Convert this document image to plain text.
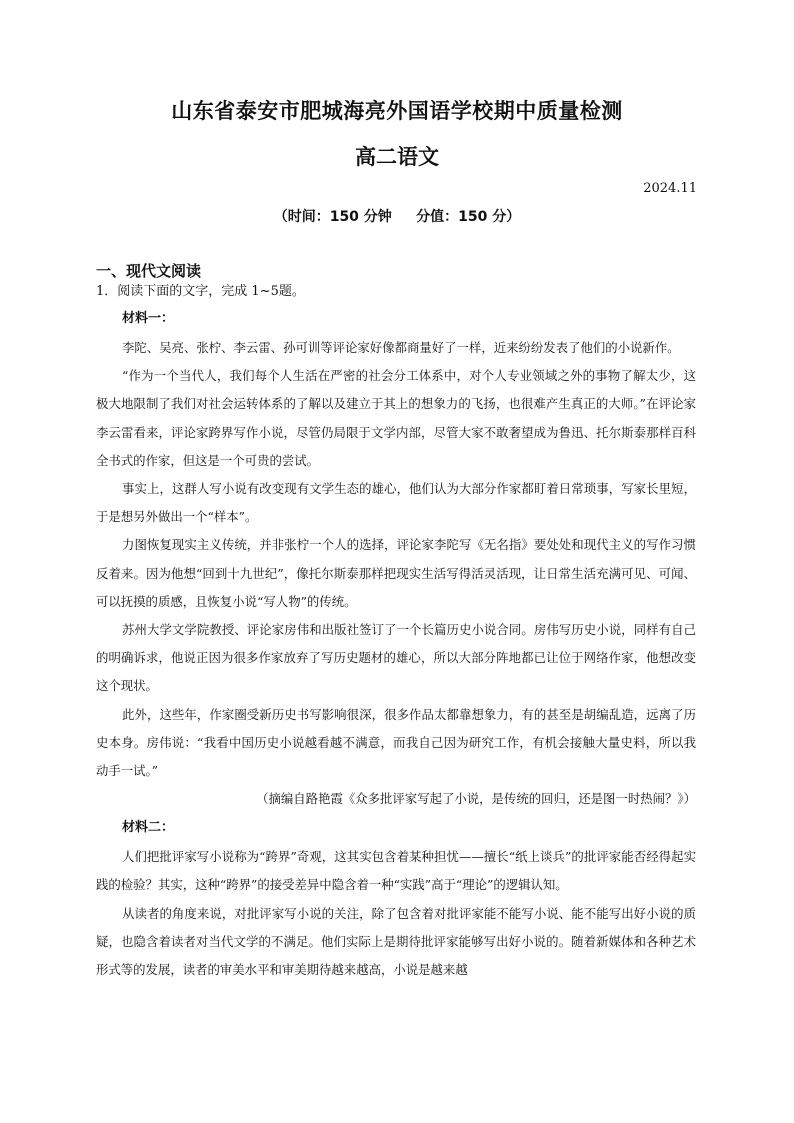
山东省泰安市肥城海亮外国语学校期中质量检测
高二语文
2024.11
（时间：150 分钟     分值：150 分）
一、现代文阅读
1．阅读下面的文字，完成 1~5题。
材料一：

李陀、吴亮、张柠、李云雷、孙可训等评论家好像都商量好了一样，近来纷纷发表了他们的小说新作。

“作为一个当代人，我们每个人生活在严密的社会分工体系中，对个人专业领域之外的事物了解太少，这极大地限制了我们对社会运转体系的了解以及建立于其上的想象力的飞扬，也很难产生真正的大师。”在评论家李云雷看来，评论家跨界写作小说，尽管仍局限于文学内部，尽管大家不敢奢望成为鲁迅、托尔斯泰那样百科全书式的作家，但这是一个可贵的尝试。

事实上，这群人写小说有改变现有文学生态的雄心，他们认为大部分作家都盯着日常琐事，写家长里短，于是想另外做出一个“样本”。

力图恢复现实主义传统，并非张柠一个人的选择，评论家李陀写《无名指》要处处和现代主义的写作习惯反着来。因为他想“回到十九世纪”，像托尔斯泰那样把现实生活写得活灵活现，让日常生活充满可见、可闻、可以抚摸的质感，且恢复小说“写人物”的传统。

苏州大学文学院教授、评论家房伟和出版社签订了一个长篇历史小说合同。房伟写历史小说，同样有自己的明确诉求，他说正因为很多作家放弃了写历史题材的雄心，所以大部分阵地都已让位于网络作家，他想改变这个现状。

此外，这些年，作家圈受新历史书写影响很深，很多作品太都靠想象力，有的甚至是胡编乱造，远离了历史本身。房伟说：“我看中国历史小说越看越不满意，而我自己因为研究工作，有机会接触大量史料，所以我动手一试。”

（摘编自路艳霞《众多批评家写起了小说，是传统的回归，还是图一时热闹？》）

材料二：

人们把批评家写小说称为“跨界”奇观，这其实包含着某种担忧——擅长“纸上谈兵”的批评家能否经得起实践的检验？其实，这种“跨界”的接受差异中隐含着一种“实践”高于“理论”的逻辑认知。

从读者的角度来说，对批评家写小说的关注，除了包含着对批评家能不能写小说、能不能写出好小说的质疑，也隐含着读者对当代文学的不满足。他们实际上是期待批评家能够写出好小说的。随着新媒体和各种艺术形式等的发展，读者的审美水平和审美期待越来越高，小说是越来越
